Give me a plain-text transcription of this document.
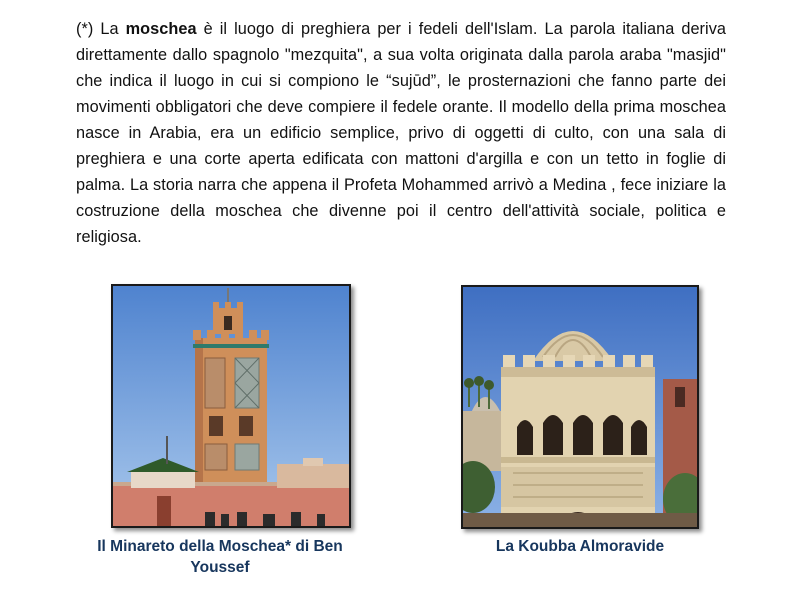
(*) La moschea è il luogo di preghiera per i fedeli dell'Islam. La parola italiana deriva direttamente dallo spagnolo "mezquita", a sua volta originata dalla parola araba "masjid" che indica il luogo in cui si compiono le “sujūd”, le prosternazioni che fanno parte dei movimenti obbligatori che deve compiere il fedele orante. Il modello della prima moschea nasce in Arabia, era un edificio semplice, privo di oggetti di culto, con una sala di preghiera e una corte aperta edificata con mattoni d'argilla e con un tetto in foglie di palma. La storia narra che appena il Profeta Mohammed arrivò a Medina , fece iniziare la costruzione della moschea che divenne poi il centro dell'attività sociale, politica e religiosa.

Il Minareto della Moschea* di Ben Youssef
La Koubba Almoravide
